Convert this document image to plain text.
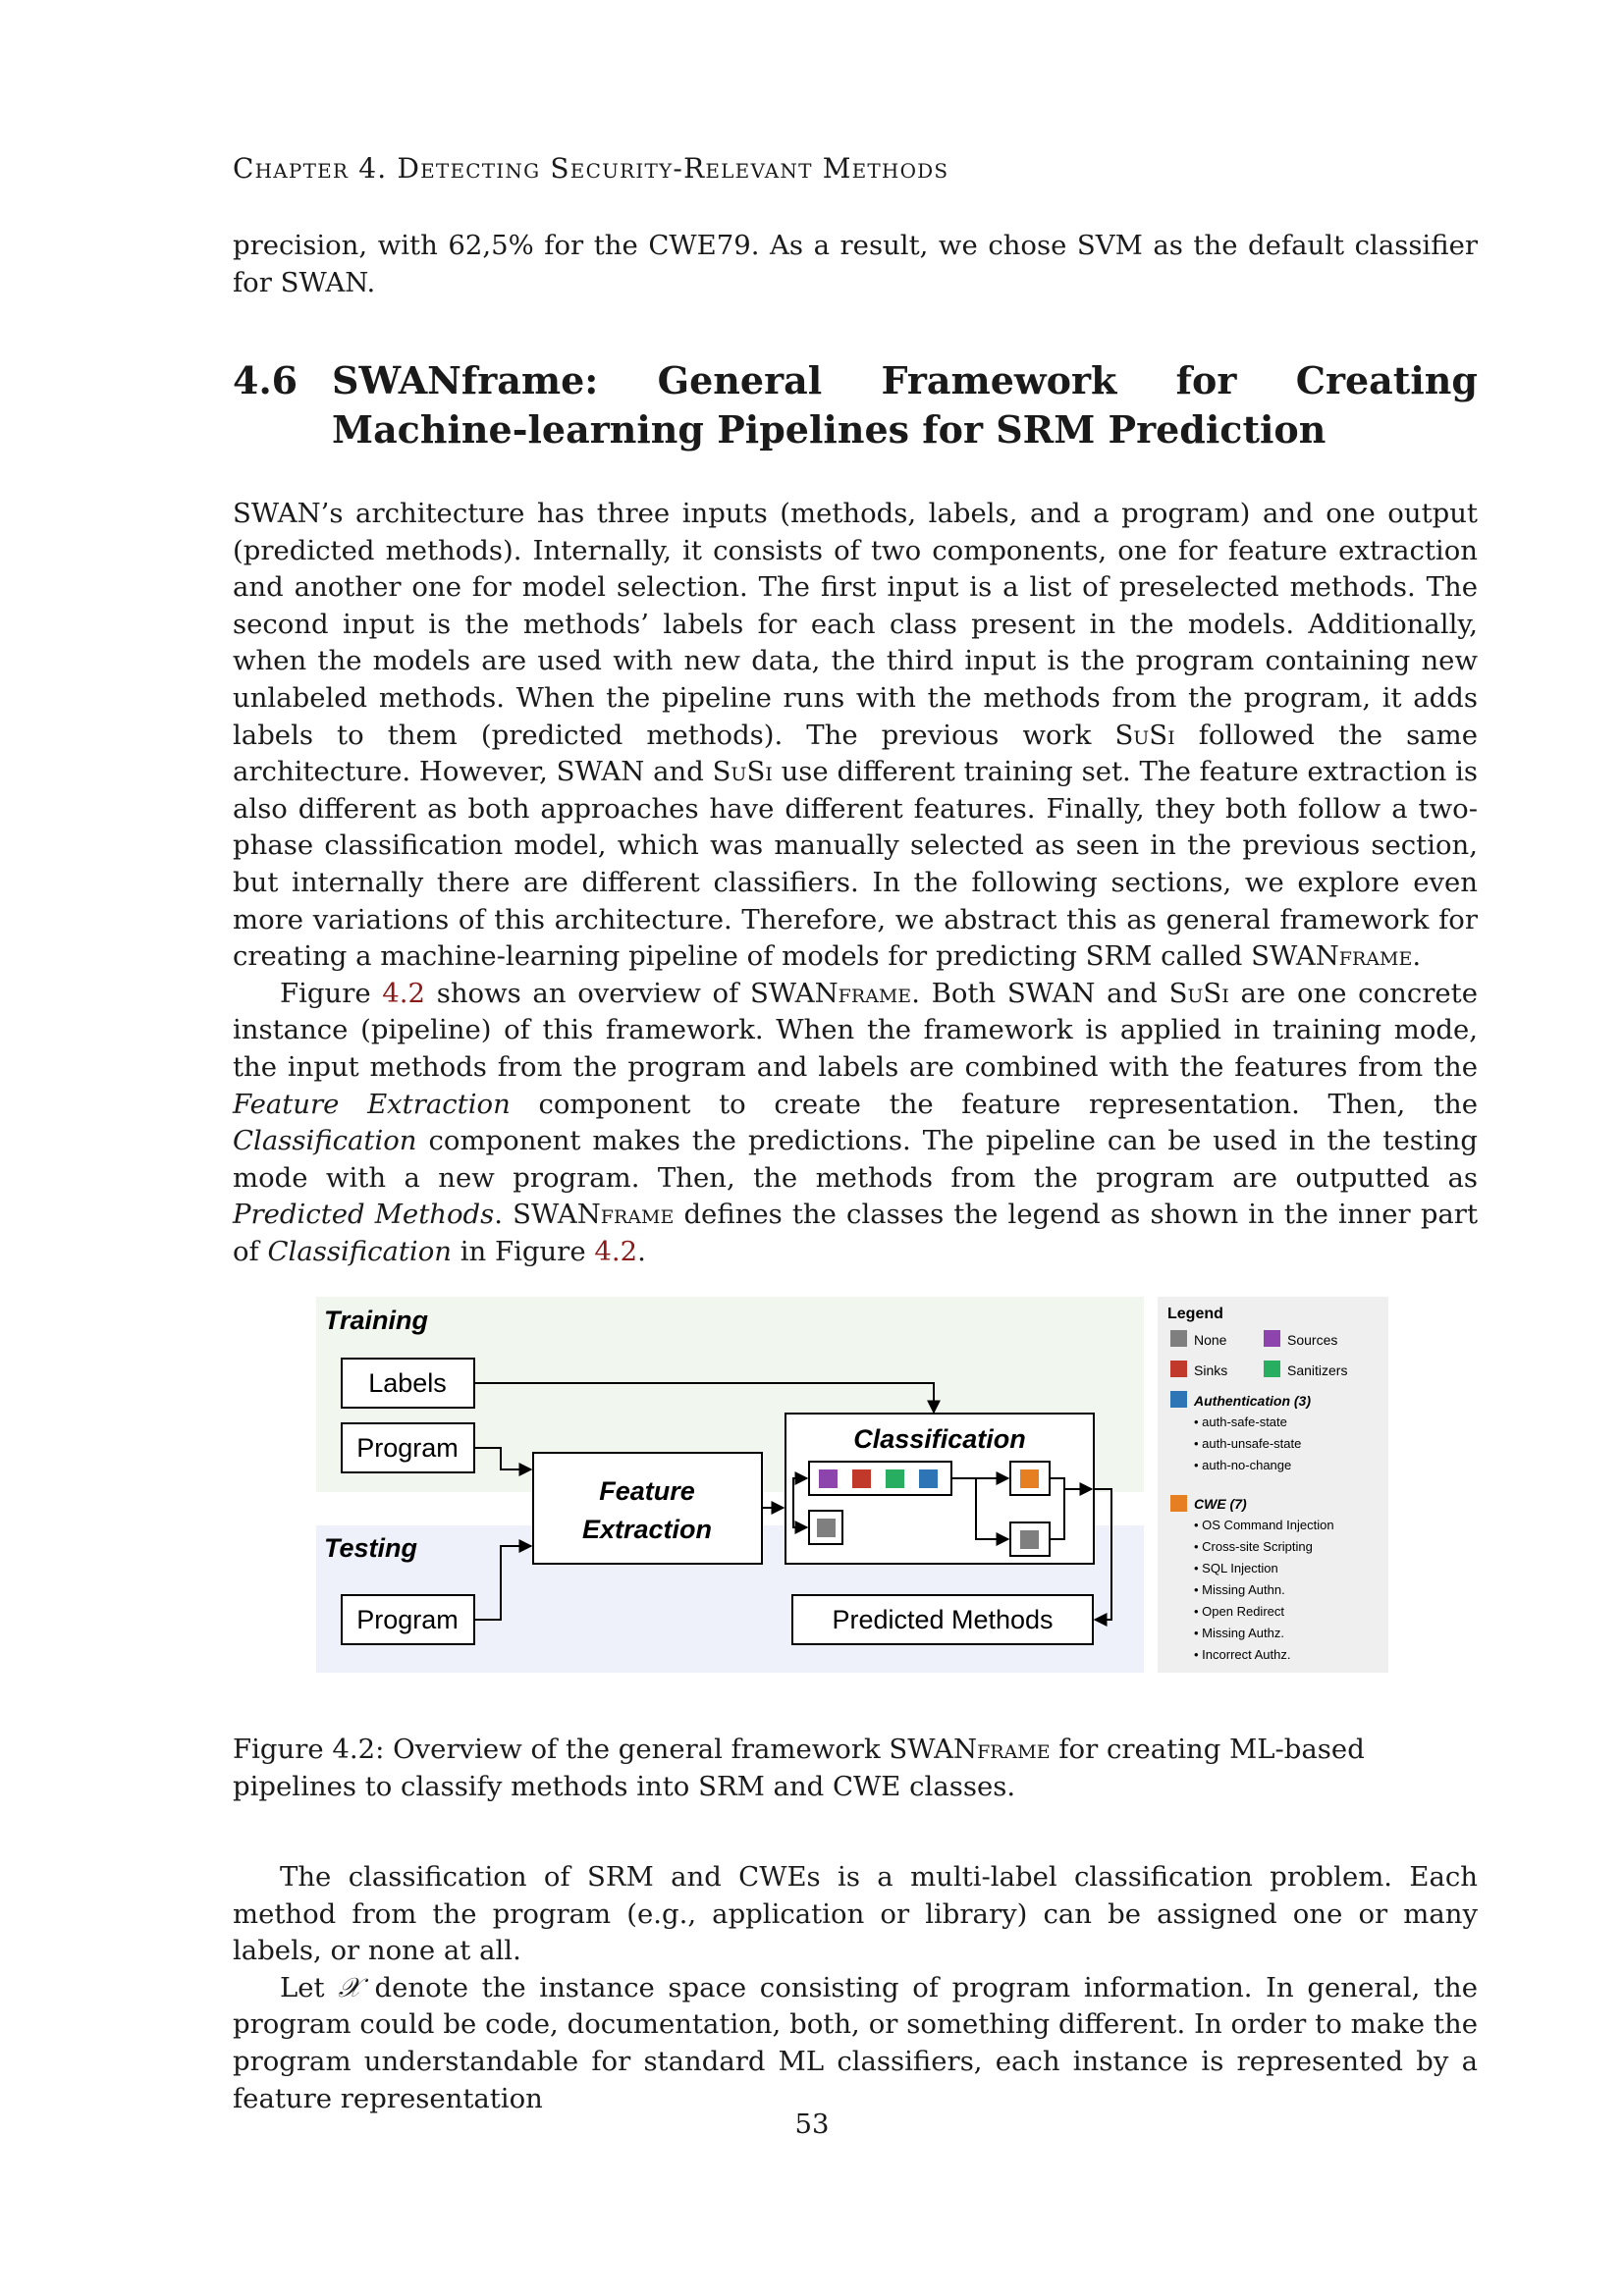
Chapter 4. Detecting Security-Relevant Methods

precision, with 62,5% for the CWE79. As a result, we chose SVM as the default classifier for SWAN.

4.6 SWANframe: General Framework for Creating Machine-learning Pipelines for SRM Prediction

SWAN’s architecture has three inputs (methods, labels, and a program) and one output (predicted methods). Internally, it consists of two components, one for feature extraction and another one for model selection. The first input is a list of preselected methods. The second input is the methods’ labels for each class present in the models. Additionally, when the models are used with new data, the third input is the program containing new unlabeled methods. When the pipeline runs with the methods from the program, it adds labels to them (predicted methods). The previous work SuSi followed the same architecture. However, SWAN and SuSi use different training set. The feature extraction is also different as both approaches have different features. Finally, they both follow a two-phase classification model, which was manually selected as seen in the previous section, but internally there are different classifiers. In the following sections, we explore even more variations of this architecture. Therefore, we abstract this as general framework for creating a machine-learning pipeline of models for predicting SRM called SWANframe.

Figure 4.2 shows an overview of SWANframe. Both SWAN and SuSi are one concrete instance (pipeline) of this framework. When the framework is applied in training mode, the input methods from the program and labels are combined with the features from the Feature Extraction component to create the feature representation. Then, the Classification component makes the predictions. The pipeline can be used in the testing mode with a new program. Then, the methods from the program are outputted as Predicted Methods. SWANframe defines the classes the legend as shown in the inner part of Classification in Figure 4.2.

Training
Testing
Labels
Program
Program
Feature
Extraction
Classification
Predicted Methods
Legend
None	Sources
Sinks	Sanitizers
Authentication (3)
• auth-safe-state
• auth-unsafe-state
• auth-no-change
CWE (7)
• OS Command Injection
• Cross-site Scripting
• SQL Injection
• Missing Authn.
• Open Redirect
• Missing Authz.
• Incorrect Authz.
Figure 4.2: Overview of the general framework SWANframe for creating ML-based pipelines to classify methods into SRM and CWE classes.

The classification of SRM and CWEs is a multi-label classification problem. Each method from the program (e.g., application or library) can be assigned one or many labels, or none at all.

Let 𝒳 denote the instance space consisting of program information. In general, the program could be code, documentation, both, or something different. In order to make the program understandable for standard ML classifiers, each instance is represented by a feature representation

53
